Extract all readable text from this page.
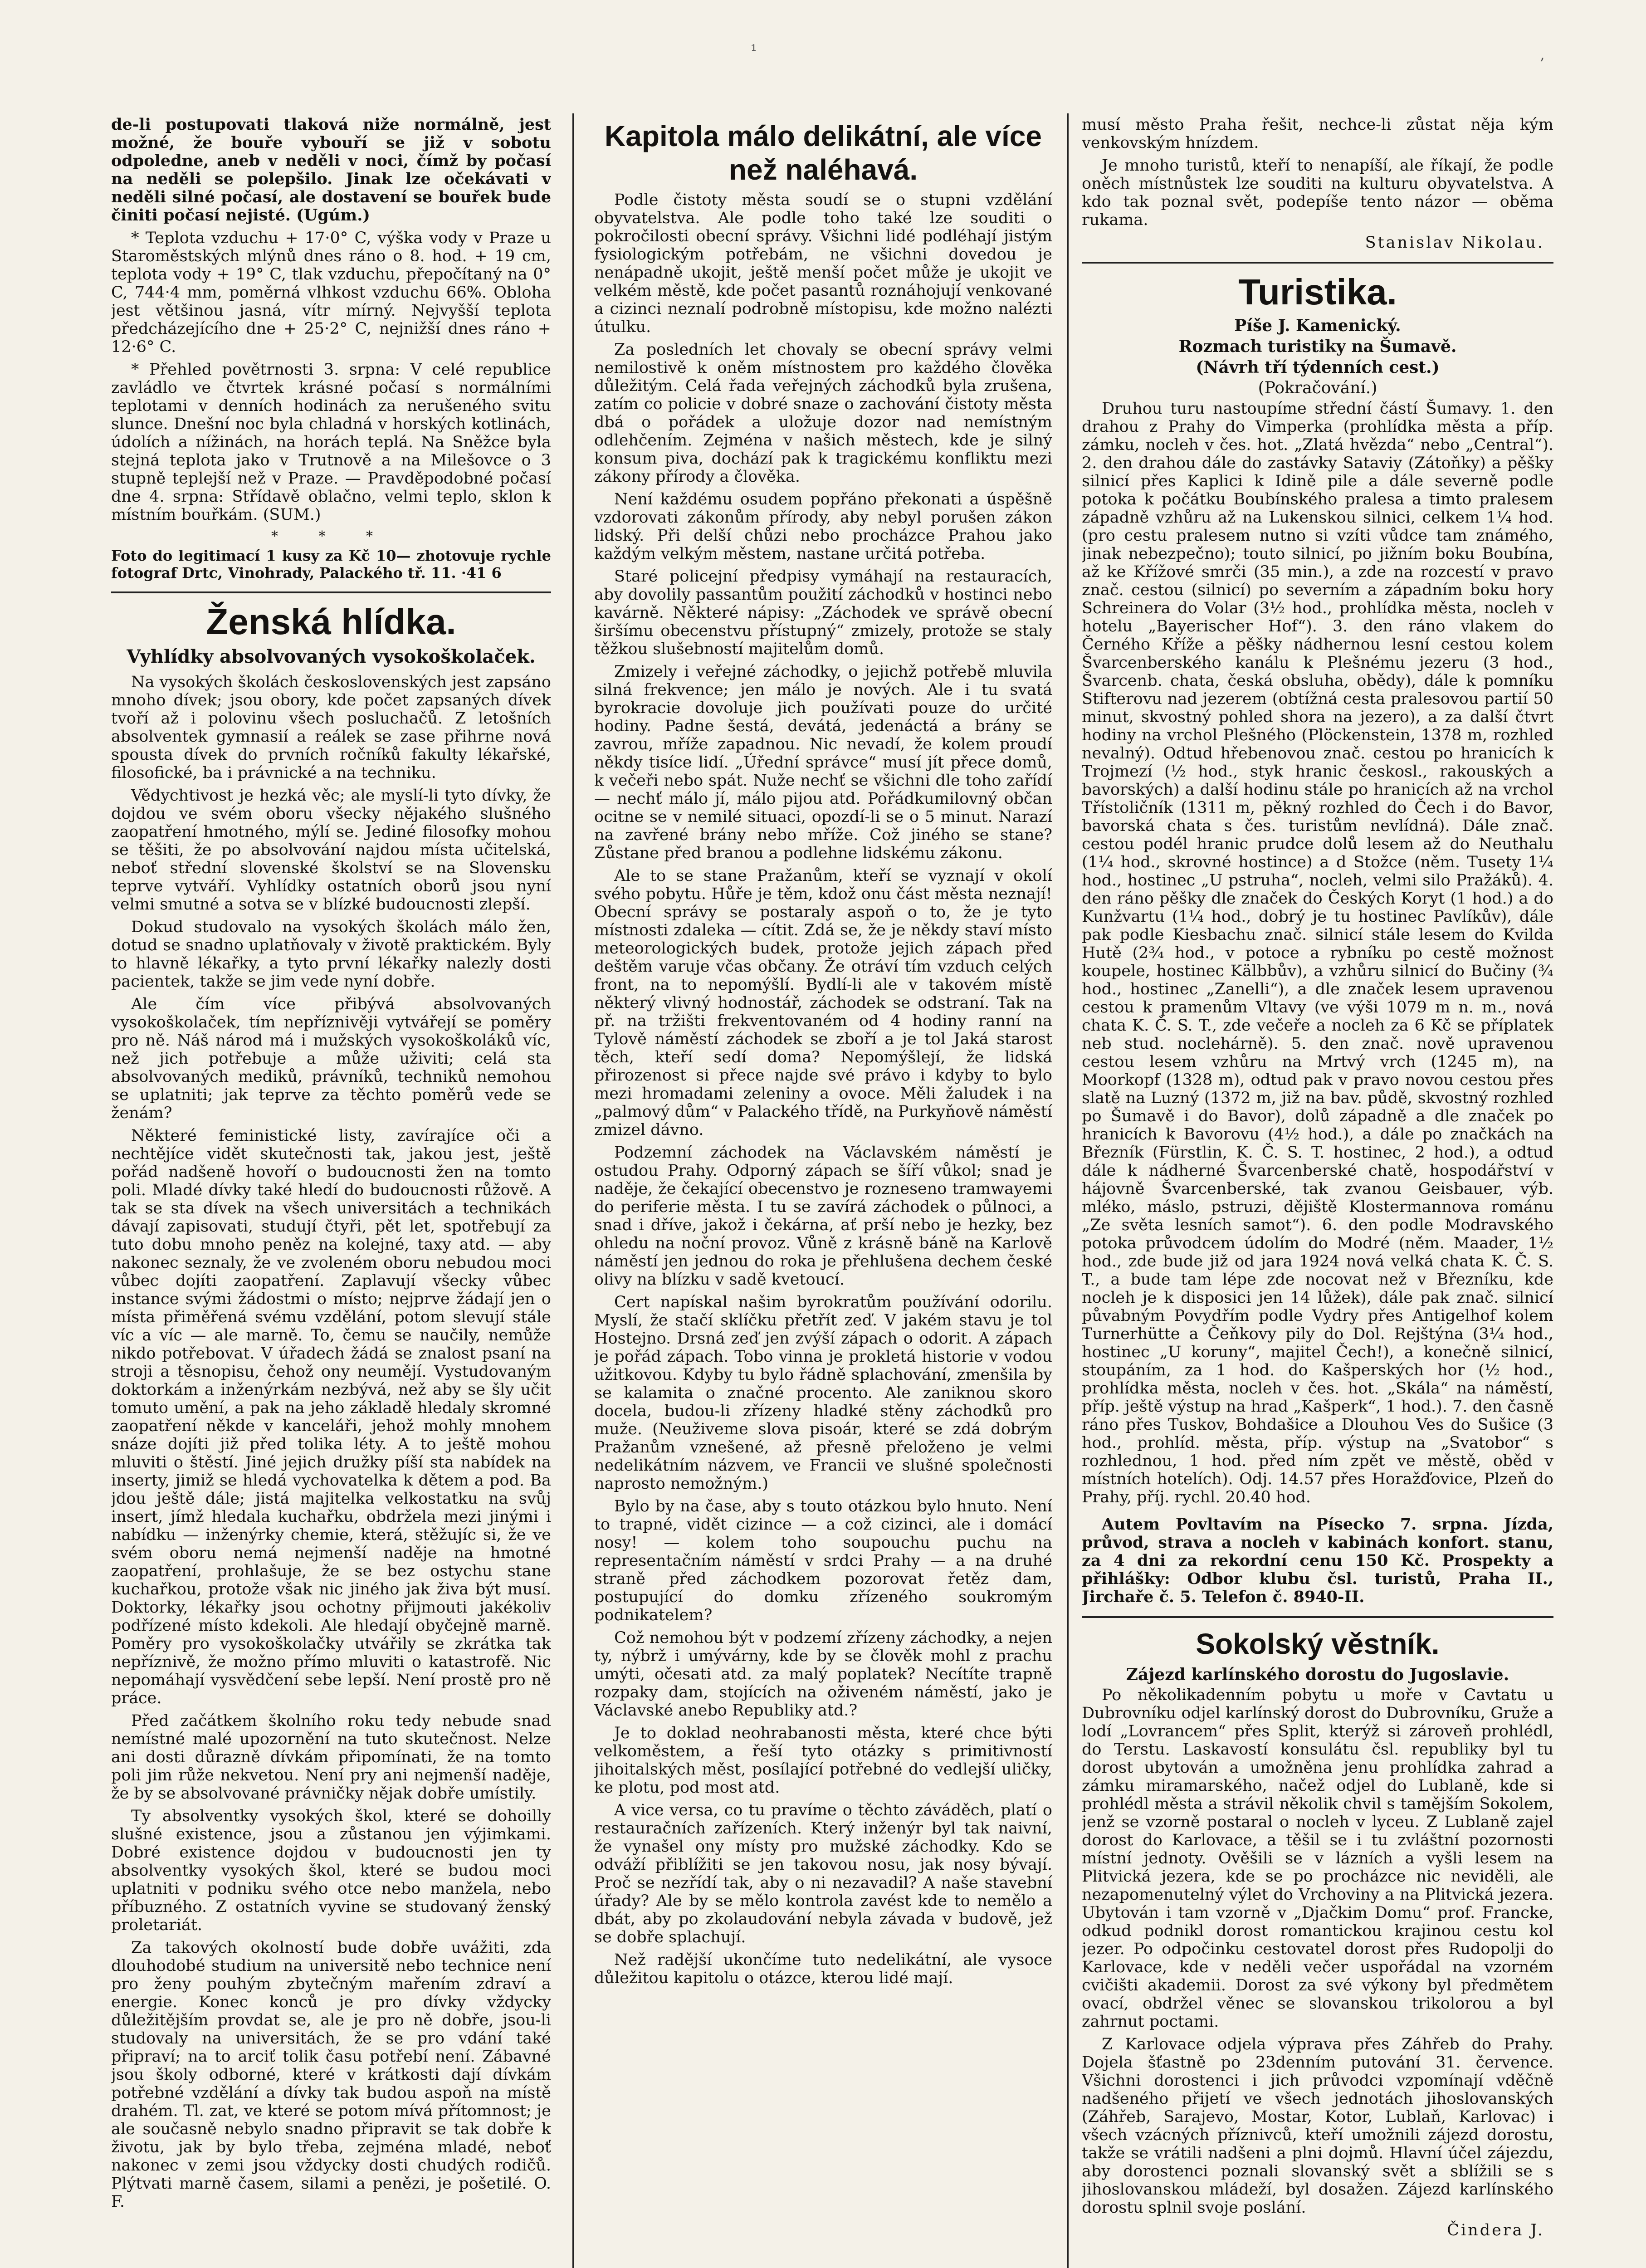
¹	,

de-li postupovati tlaková niže normálně, jest možné, že bouře vybouří se již v sobotu odpoledne, aneb v neděli v noci, čímž by počasí na neděli se polepšilo. Jinak lze očekávati v neděli silné počasí, ale dostavení se bouřek bude činiti počasí nejisté. (Ugúm.)

* Teplota vzduchu + 17·0° C, výška vody v Praze u Staroměstských mlýnů dnes ráno o 8. hod. + 19 cm, teplota vody + 19° C, tlak vzduchu, přepočítaný na 0° C, 744·4 mm, poměrná vlhkost vzduchu 66%. Obloha jest většinou jasná, vítr mírný. Nejvyšší teplota předcházejícího dne + 25·2° C, nejnižší dnes ráno + 12·6° C.

* Přehled povětrnosti 3. srpna: V celé republice zavládlo ve čtvrtek krásné počasí s normálními teplotami v denních hodinách za nerušeného svitu slunce. Dnešní noc byla chladná v horských kotlinách, údolích a nížinách, na horách teplá. Na Sněžce byla stejná teplota jako v Trutnově a na Milešovce o 3 stupně teplejší než v Praze. — Pravděpodobné počasí dne 4. srpna: Střídavě oblačno, velmi teplo, sklon k místním bouřkám. (SUM.)

* * *
Foto do legitimací 1 kusy za Kč 10— zhotovuje rychle fotograf Drtc, Vinohrady, Palackého tř. 11. ·41 6
Ženská hlídka.
Vyhlídky absolvovaných vysokoškolaček.

Na vysokých školách československých jest zapsáno mnoho dívek; jsou obory, kde počet zapsaných dívek tvoří až i polovinu všech posluchačů. Z letošních absolventek gymnasií a reálek se zase přihrne nová spousta dívek do prvních ročníků fakulty lékařské, filosofické, ba i právnické a na techniku.

Vědychtivost je hezká věc; ale myslí-li tyto dívky, že dojdou ve svém oboru všecky nějakého slušného zaopatření hmotného, mýlí se. Jediné filosofky mohou se těšiti, že po absolvování najdou místa učitelská, neboť střední slovenské školství se na Slovensku teprve vytváří. Vyhlídky ostatních oborů jsou nyní velmi smutné a sotva se v blízké budoucnosti zlepší.

Dokud studovalo na vysokých školách málo žen, dotud se snadno uplatňovaly v životě praktickém. Byly to hlavně lékařky, a tyto první lékařky nalezly dosti pacientek, takže se jim vede nyní dobře.

Ale čím více přibývá absolvovaných vysokoškolaček, tím nepříznivěji vytvářejí se poměry pro ně. Náš národ má i mužských vysokoškoláků víc, než jich potřebuje a může uživiti; celá sta absolvovaných mediků, právníků, techniků nemohou se uplatniti; jak teprve za těchto poměrů vede se ženám?

Některé feministické listy, zavírajíce oči a nechtějíce vidět skutečnosti tak, jakou jest, ještě pořád nadšeně hovoří o budoucnosti žen na tomto poli. Mladé dívky také hledí do budoucnosti růžově. A tak se sta dívek na všech universitách a technikách dávají zapisovati, studují čtyři, pět let, spotřebují za tuto dobu mnoho peněz na kolejné, taxy atd. — aby nakonec seznaly, že ve zvoleném oboru nebudou moci vůbec dojíti zaopatření. Zaplavují všecky vůbec instance svými žádostmi o místo; nejprve žádají jen o místa přiměřená svému vzdělání, potom slevují stále víc a víc — ale marně. To, čemu se naučily, nemůže nikdo potřebovat. V úřadech žádá se znalost psaní na stroji a těsnopisu, čehož ony neumějí. Vystudovaným doktorkám a inženýrkám nezbývá, než aby se šly učit tomuto umění, a pak na jeho základě hledaly skromné zaopatření někde v kanceláři, jehož mohly mnohem snáze dojíti již před tolika léty. A to ještě mohou mluviti o štěstí. Jiné jejich družky píší sta nabídek na inserty, jimiž se hledá vychovatelka k dětem a pod. Ba jdou ještě dále; jistá majitelka velkostatku na svůj insert, jímž hledala kuchařku, obdržela mezi jinými i nabídku — inženýrky chemie, která, stěžujíc si, že ve svém oboru nemá nejmenší naděje na hmotné zaopatření, prohlašuje, že se bez ostychu stane kuchařkou, protože však nic jiného jak živa být musí. Doktorky, lékařky jsou ochotny přijmouti jakékoliv podřízené místo kdekoli. Ale hledají obyčejně marně. Poměry pro vysokoškolačky utvářily se zkrátka tak nepříznivě, že možno přímo mluviti o katastrofě. Nic nepomáhají vysvědčení sebe lepší. Není prostě pro ně práce.

Před začátkem školního roku tedy nebude snad nemístné malé upozornění na tuto skutečnost. Nelze ani dosti důrazně dívkám připomínati, že na tomto poli jim růže nekvetou. Není pry ani nejmenší naděje, že by se absolvované právničky nějak dobře umístily.

Ty absolventky vysokých škol, které se dohoilly slušné existence, jsou a zůstanou jen výjimkami. Dobré existence dojdou v budoucnosti jen ty absolventky vysokých škol, které se budou moci uplatniti v podniku svého otce nebo manžela, nebo příbuzného. Z ostatních vyvine se studovaný ženský proletariát.

Za takových okolností bude dobře uvážiti, zda dlouhodobé studium na universitě nebo technice není pro ženy pouhým zbytečným mařením zdraví a energie. Konec konců je pro dívky vždycky důležitějším provdat se, ale je pro ně dobře, jsou-li studovaly na universitách, že se pro vdání také připraví; na to arciť tolik času potřebí není. Zábavné jsou školy odborné, které v krátkosti dají dívkám potřebné vzdělání a dívky tak budou aspoň na místě drahém. Tl. zat, ve které se potom mívá přítomnost; je ale současně nebylo snadno připravit se tak dobře k životu, jak by bylo třeba, zejména mladé, neboť nakonec v zemi jsou vždycky dosti chudých rodičů. Plýtvati marně časem, silami a penězi, je pošetilé. O. F.

Kapitola málo delikátní, ale více než naléhavá.

Podle čistoty města soudí se o stupni vzdělání obyvatelstva. Ale podle toho také lze souditi o pokročilosti obecní správy. Všichni lidé podléhají jistým fysiologickým potřebám, ne všichni dovedou je nenápadně ukojit, ještě menší počet může je ukojit ve velkém městě, kde počet pasantů roznáhojují venkované a cizinci neznalí podrobně místopisu, kde možno nalézti útulku.

Za posledních let chovaly se obecní správy velmi nemilostivě k oněm místnostem pro každého člověka důležitým. Celá řada veřejných záchodků byla zrušena, zatím co policie v dobré snaze o zachování čistoty města dbá o pořádek a uložuje dozor nad nemístným odlehčením. Zejména v našich městech, kde je silný konsum piva, dochází pak k tragickému konfliktu mezi zákony přírody a člověka.

Není každému osudem popřáno překonati a úspěšně vzdorovati zákonům přírody, aby nebyl porušen zákon lidský. Při delší chůzi nebo procházce Prahou jako každým velkým městem, nastane určitá potřeba.

Staré policejní předpisy vymáhají na restauracích, aby dovolily passantům použití záchodků v hostinci nebo kavárně. Některé nápisy: „Záchodek ve správě obecní širšímu obecenstvu přístupný“ zmizely, protože se staly těžkou slušebností majitelům domů.

Zmizely i veřejné záchodky, o jejichž potřebě mluvila silná frekvence; jen málo je nových. Ale i tu svatá byrokracie dovoluje jich používati pouze do určité hodiny. Padne šestá, devátá, jedenáctá a brány se zavrou, mříže zapadnou. Nic nevadí, že kolem proudí někdy tisíce lidí. „Úřední správce“ musí jít přece domů, k večeři nebo spát. Nuže nechť se všichni dle toho zařídí — nechť málo jí, málo pijou atd. Pořádkumilovný občan ocitne se v nemilé situaci, opozdí-li se o 5 minut. Narazí na zavřené brány nebo mříže. Což jiného se stane? Zůstane před branou a podlehne lidskému zákonu.

Ale to se stane Pražanům, kteří se vyznají v okolí svého pobytu. Hůře je těm, kdož onu část města neznají! Obecní správy se postaraly aspoň o to, že je tyto místnosti zdaleka — cítit. Zdá se, že je někdy staví místo meteorologických budek, protože jejich zápach před deštěm varuje včas občany. Že otráví tím vzduch celých front, na to nepomýšlí. Bydlí-li ale v takovém místě některý vlivný hodnostář, záchodek se odstraní. Tak na př. na tržišti frekventovaném od 4 hodiny ranní na Tylově náměstí záchodek se zboří a je tol Jaká starost těch, kteří sedí doma? Nepomýšlejí, že lidská přirozenost si přece najde své právo i kdyby to bylo mezi hromadami zeleniny a ovoce. Měli žaludek i na „palmový dům“ v Palackého třídě, na Purkyňově náměstí zmizel dávno.

Podzemní záchodek na Václavském náměstí je ostudou Prahy. Odporný zápach se šíří vůkol; snad je naděje, že čekající obecenstvo je rozneseno tramwayemi do periferie města. I tu se zavírá záchodek o půlnoci, a snad i dříve, jakož i čekárna, ať prší nebo je hezky, bez ohledu na noční provoz. Vůně z krásně báně na Karlově náměstí jen jednou do roka je přehlušena dechem české olivy na blízku v sadě kvetoucí.

Cert napískal našim byrokratům používání odorilu. Myslí, že stačí sklíčku přetřít zeď. V jakém stavu je tol Hostejno. Drsná zeď jen zvýší zápach o odorit. A zápach je pořád zápach. Tobo vinna je prokletá historie v vodou užitkovou. Kdyby tu bylo řádně splachování, zmenšila by se kalamita o značné procento. Ale zaniknou skoro docela, budou-li zřízeny hladké stěny záchodků pro muže. (Neuživeme slova pisoár, které se zdá dobrým Pražanům vznešené, až přesně přeloženo je velmi nedelikátním názvem, ve Francii ve slušné společnosti naprosto nemožným.)

Bylo by na čase, aby s touto otázkou bylo hnuto. Není to trapné, vidět cizince — a což cizinci, ale i domácí nosy! — kolem toho soupouchu puchu na representačním náměstí v srdci Prahy — a na druhé straně před záchodkem pozorovat řetěz dam, postupující do domku zřízeného soukromým podnikatelem?

Což nemohou být v podzemí zřízeny záchodky, a nejen ty, nýbrž i umývárny, kde by se člověk mohl z prachu umýti, očesati atd. za malý poplatek? Necítíte trapně rozpaky dam, stojících na oživeném náměstí, jako je Václavské anebo Republiky atd.?

Je to doklad neohrabanosti města, které chce býti velkoměstem, a řeší tyto otázky s primitivností jihoitalských měst, posílající potřebné do vedlejší uličky, ke plotu, pod most atd.

A vice versa, co tu pravíme o těchto záváděch, platí o restauračních zařízeních. Který inženýr byl tak naivní, že vynašel ony místy pro mužské záchodky. Kdo se odváží přiblížiti se jen takovou nosu, jak nosy bývají. Proč se nezřídí tak, aby o ni nezavadil? A naše stavební úřady? Ale by se mělo kontrola zavést kde to nemělo a dbát, aby po zkolaudování nebyla závada v budově, jež se dobře splachují.

Než radější ukončíme tuto nedelikátní, ale vysoce důležitou kapitolu o otázce, kterou lidé mají.

musí město Praha řešit, nechce-li zůstat něja kým venkovským hnízdem.

Je mnoho turistů, kteří to nenapíší, ale říkají, že podle oněch místnůstek lze souditi na kulturu obyvatelstva. A kdo tak poznal svět, podepíše tento názor — oběma rukama.

Stanislav Nikolau.
Turistika.
Píše J. Kamenický.
Rozmach turistiky na Šumavě.
(Návrh tří týdenních cest.)
(Pokračování.)

Druhou turu nastoupíme střední částí Šumavy. 1. den drahou z Prahy do Vimperka (prohlídka města a příp. zámku, nocleh v čes. hot. „Zlatá hvězda“ nebo „Central“). 2. den drahou dále do zastávky Sataviy (Zátoňky) a pěšky silnicí přes Kaplici k Idině pile a dále severně podle potoka k počátku Boubínského pralesa a timto pralesem západně vzhůru až na Lukenskou silnici, celkem 1¼ hod. (pro cestu pralesem nutno si vzíti vůdce tam známého, jinak nebezpečno); touto silnicí, po jižním boku Boubína, až ke Křížové smrči (35 min.), a zde na rozcestí v pravo znač. cestou (silnicí) po severním a západním boku hory Schreinera do Volar (3½ hod., prohlídka města, nocleh v hotelu „Bayerischer Hof“). 3. den ráno vlakem do Černého Kříže a pěšky nádhernou lesní cestou kolem Švarcenberského kanálu k Plešnému jezeru (3 hod., Švarcenb. chata, česká obsluha, obědy), dále k pomníku Stifterovu nad jezerem (obtížná cesta pralesovou partií 50 minut, skvostný pohled shora na jezero), a za další čtvrt hodiny na vrchol Plešného (Plöckenstein, 1378 m, rozhled nevalný). Odtud hřebenovou znač. cestou po hranicích k Trojmezí (½ hod., styk hranic českosl., rakouských a bavorských) a další hodinu stále po hranicích až na vrchol Třístoličník (1311 m, pěkný rozhled do Čech i do Bavor, bavorská chata s čes. turistům nevlídná). Dále znač. cestou podél hranic prudce dolů lesem až do Neuthalu (1¼ hod., skrovné hostince) a d Stožce (něm. Tusety 1¼ hod., hostinec „U pstruha“, nocleh, velmi silo Pražáků). 4. den ráno pěšky dle značek do Českých Koryt (1 hod.) a do Kunžvartu (1¼ hod., dobrý je tu hostinec Pavlíkův), dále pak podle Kiesbachu znač. silnicí stále lesem do Kvilda Hutě (2¾ hod., v potoce a rybníku po cestě možnost koupele, hostinec Kälbbův), a vzhůru silnicí do Bučiny (¾ hod., hostinec „Zanelli“), a dle značek lesem upravenou cestou k pramenům Vltavy (ve výši 1079 m n. m., nová chata K. Č. S. T., zde večeře a nocleh za 6 Kč se příplatek neb stud. noclehárně). 5. den znač. nově upravenou cestou lesem vzhůru na Mrtvý vrch (1245 m), na Moorkopf (1328 m), odtud pak v pravo novou cestou přes slatě na Luzný (1372 m, již na bav. půdě, skvostný rozhled po Šumavě i do Bavor), dolů západně a dle značek po hranicích k Bavorovu (4½ hod.), a dále po značkách na Březník (Fürstlin, K. Č. S. T. hostinec, 2 hod.), a odtud dále k nádherné Švarcenberské chatě, hospodářství v hájovně Švarcenberské, tak zvanou Geisbauer, výb. mléko, máslo, pstruzi, dějiště Klostermannova románu „Ze světa lesních samot“). 6. den podle Modravského potoka průvodcem údolím do Modré (něm. Maader, 1½ hod., zde bude již od jara 1924 nová velká chata K. Č. S. T., a bude tam lépe zde nocovat než v Březníku, kde nocleh je k disposici jen 14 lůžek), dále pak znač. silnicí půvabným Povydřím podle Vydry přes Antigelhof kolem Turnerhütte a Čeňkovy pily do Dol. Rejštýna (3¼ hod., hostinec „U koruny“, majitel Čech!), a konečně silnicí, stoupáním, za 1 hod. do Kašperských hor (½ hod., prohlídka města, nocleh v čes. hot. „Skála“ na náměstí, příp. ještě výstup na hrad „Kašperk“, 1 hod.). 7. den časně ráno přes Tuskov, Bohdašice a Dlouhou Ves do Sušice (3 hod., prohlíd. města, příp. výstup na „Svatobor“ s rozhlednou, 1 hod. před ním zpět ve městě, oběd v místních hotelích). Odj. 14.57 přes Horažďovice, Plzeň do Prahy, příj. rychl. 20.40 hod.

Autem Povltavím na Písecko 7. srpna. Jízda, průvod, strava a nocleh v kabinách konfort. stanu, za 4 dni za rekordní cenu 150 Kč. Prospekty a přihlášky: Odbor klubu čsl. turistů, Praha II., Jirchaře č. 5. Telefon č. 8940-II.

Sokolský věstník.
Zájezd karlínského dorostu do Jugoslavie.

Po několikadenním pobytu u moře v Cavtatu u Dubrovníku odjel karlínský dorost do Dubrovníku, Gruže a lodí „Lovrancem“ přes Split, kterýž si zároveň prohlédl, do Terstu. Laskavostí konsulátu čsl. republiky byl tu dorost ubytován a umožněna jenu prohlídka zahrad a zámku miramarského, načež odjel do Lublaně, kde si prohlédl města a strávil několik chvil s tamějším Sokolem, jenž se vzorně postaral o nocleh v lyceu. Z Lublaně zajel dorost do Karlovace, a těšil se i tu zvláštní pozornosti místní jednoty. Ověšili se v lázních a vyšli lesem na Plitvická jezera, kde se po procházce nic neviděli, ale nezapomenutelný výlet do Vrchoviny a na Plitvická jezera. Ubytován i tam vzorně v „Djačkim Domu“ prof. Francke, odkud podnikl dorost romantickou krajinou cestu kol jezer. Po odpočinku cestovatel dorost přes Rudopolji do Karlovace, kde v neděli večer uspořádal na vzorném cvičišti akademii. Dorost za své výkony byl předmětem ovací, obdržel věnec se slovanskou trikolorou a byl zahrnut poctami.

Z Karlovace odjela výprava přes Záhřeb do Prahy. Dojela šťastně po 23denním putování 31. července. Všichni dorostenci i jich průvodci vzpomínají vděčně nadšeného přijetí ve všech jednotách jihoslovanských (Záhřeb, Sarajevo, Mostar, Kotor, Lublaň, Karlovac) i všech vzácných příznivců, kteří umožnili zájezd dorostu, takže se vrátili nadšeni a plni dojmů. Hlavní účel zájezdu, aby dorostenci poznali slovanský svět a sblížili se s jihoslovanskou mládeží, byl dosažen. Zájezd karlínského dorostu splnil svoje poslání.

Čindera J.
